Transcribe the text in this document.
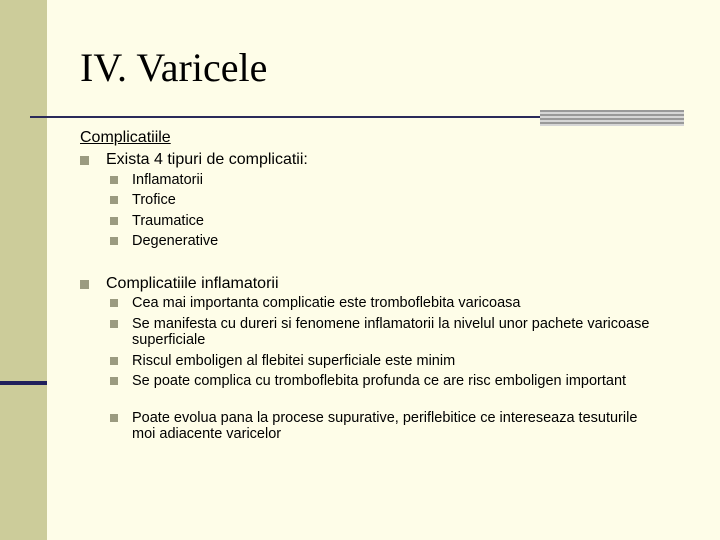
IV. Varicele
Complicatiile
Exista 4 tipuri de complicatii:
Inflamatorii
Trofice
Traumatice
Degenerative
Complicatiile inflamatorii
Cea mai importanta complicatie este tromboflebita varicoasa
Se manifesta cu dureri si fenomene inflamatorii la nivelul unor pachete varicoase superficiale
Riscul emboligen al flebitei superficiale este minim
Se poate complica cu tromboflebita profunda ce are risc emboligen important
Poate evolua pana la procese supurative, periflebitice ce intereseaza tesuturile moi adiacente varicelor
